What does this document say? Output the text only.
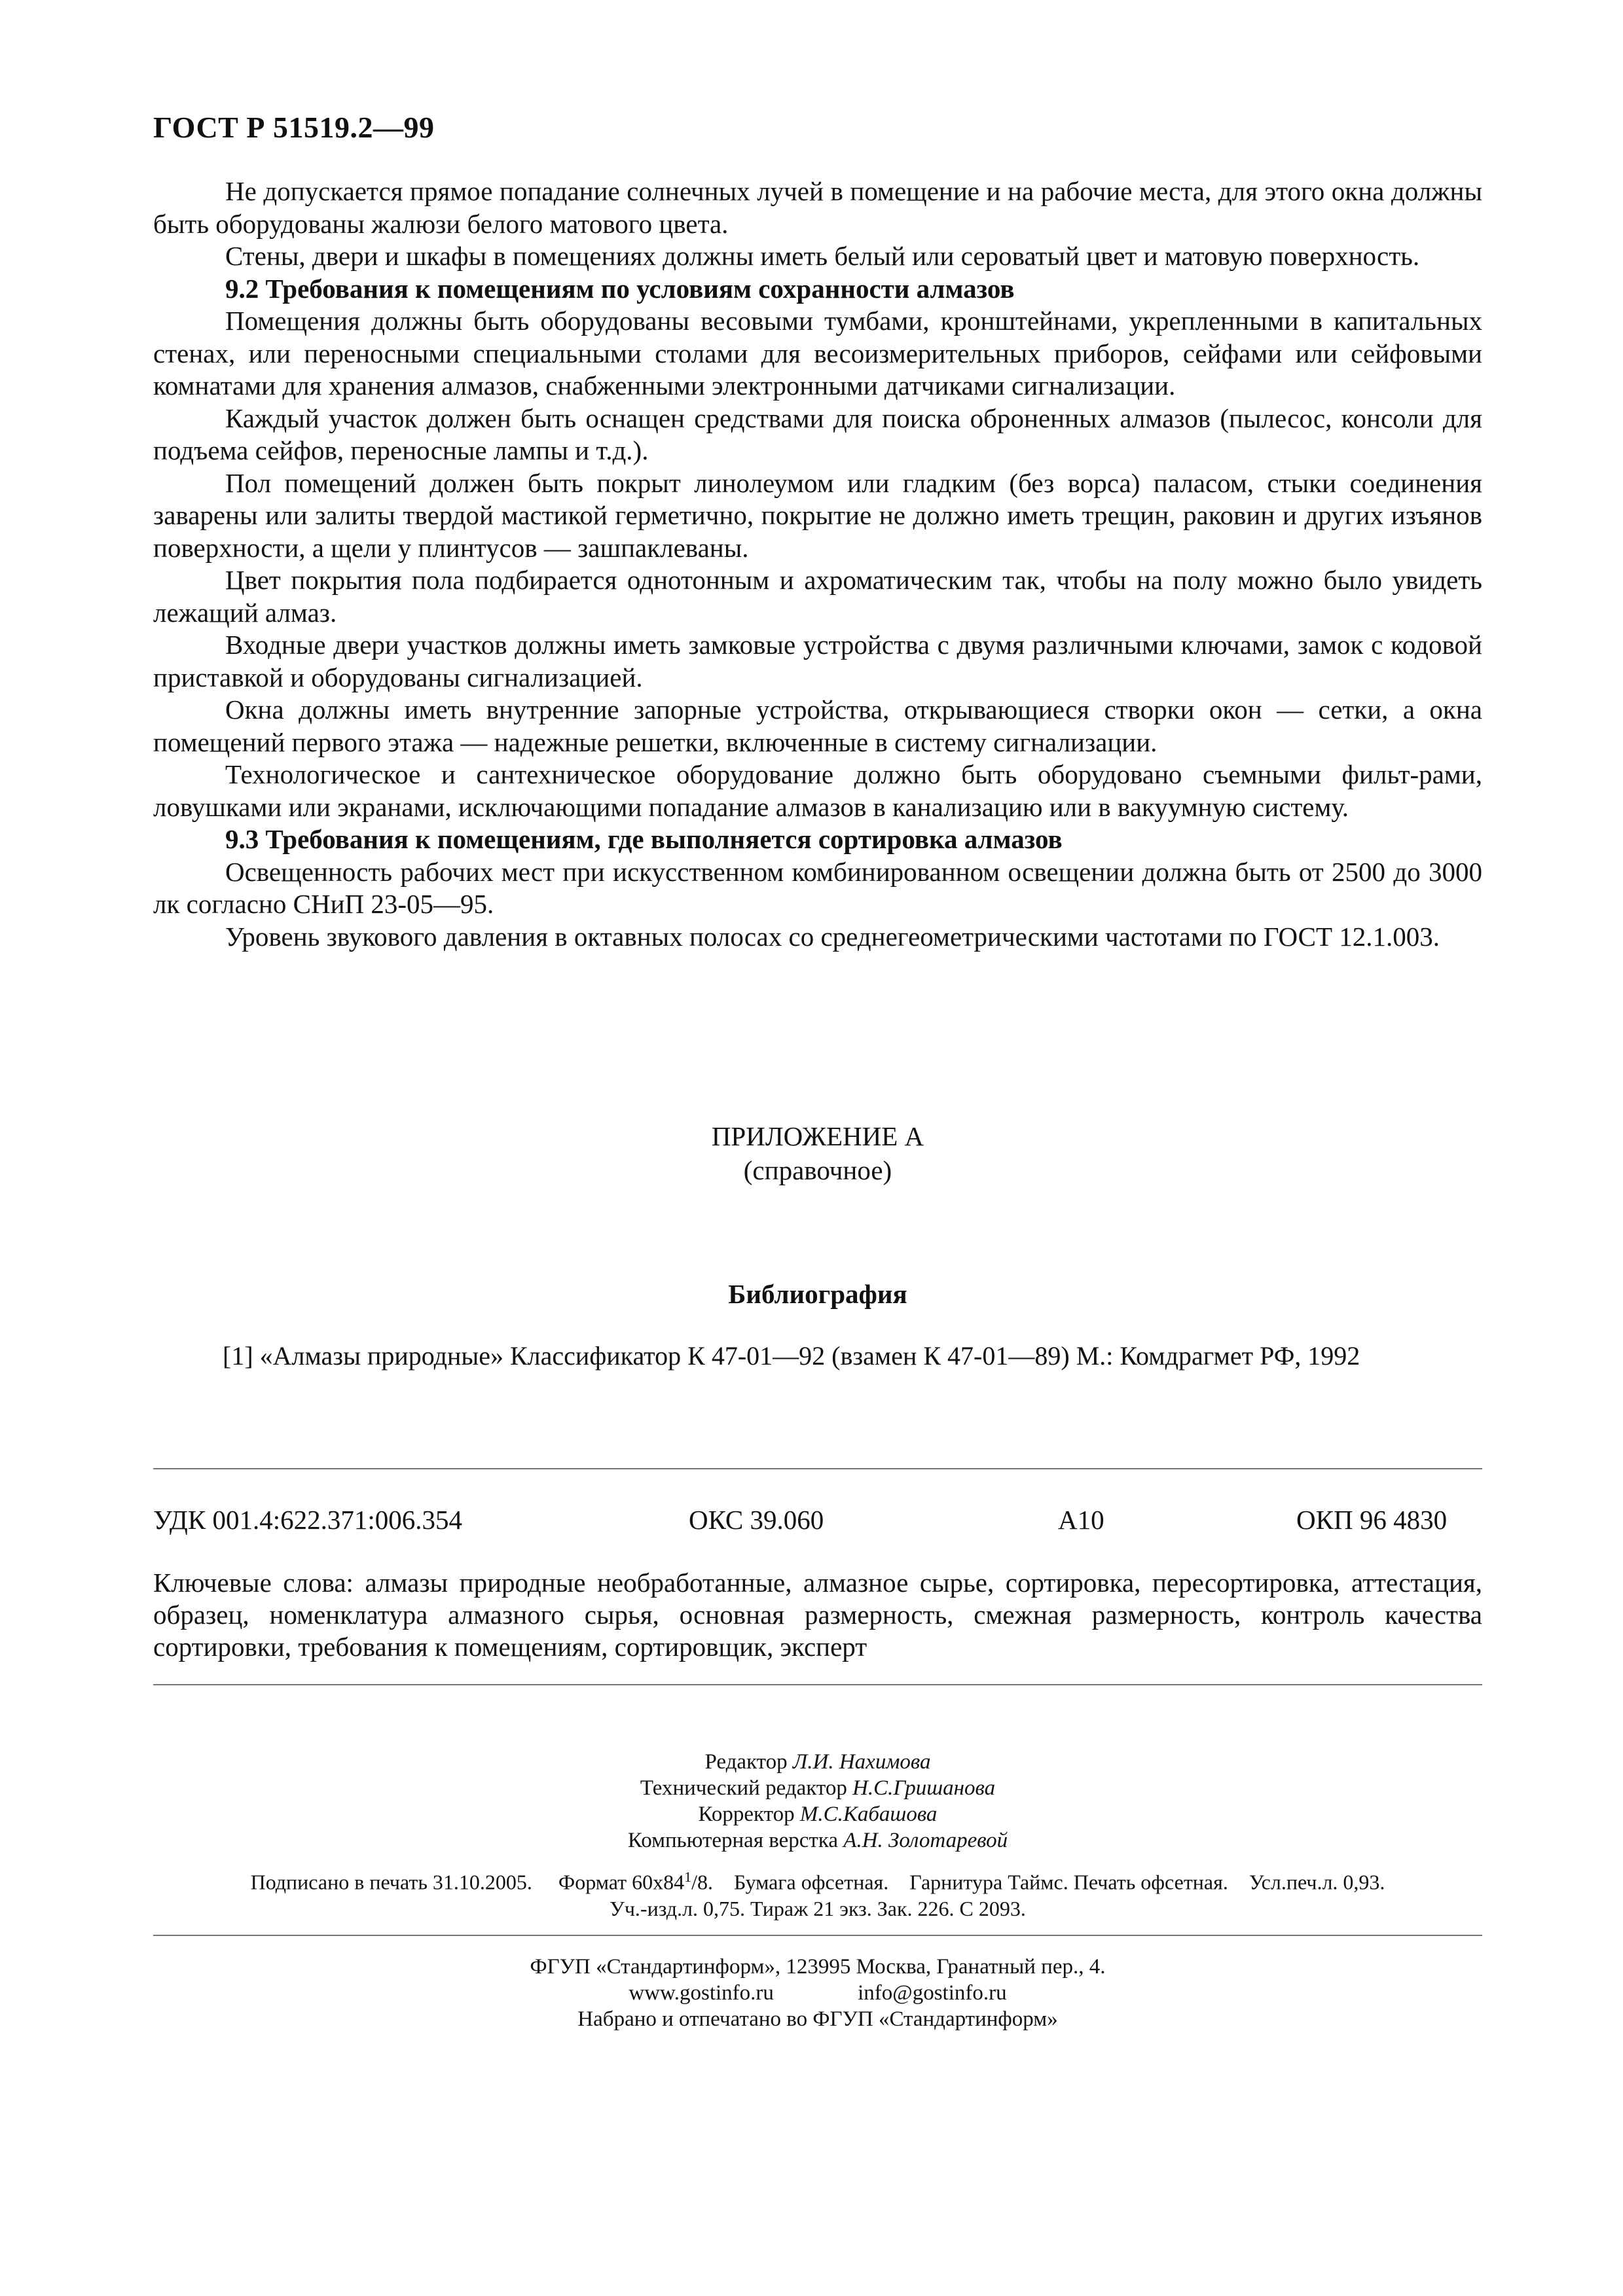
ГОСТ Р 51519.2—99

Не допускается прямое попадание солнечных лучей в помещение и на рабочие места, для этого окна должны быть оборудованы жалюзи белого матового цвета.

Стены, двери и шкафы в помещениях должны иметь белый или сероватый цвет и матовую поверхность.

9.2 Требования к помещениям по условиям сохранности алмазов

Помещения должны быть оборудованы весовыми тумбами, кронштейнами, укрепленными в капитальных стенах, или переносными специальными столами для весоизмерительных приборов, сейфами или сейфовыми комнатами для хранения алмазов, снабженными электронными датчиками сигнализации.

Каждый участок должен быть оснащен средствами для поиска оброненных алмазов (пылесос, консоли для подъема сейфов, переносные лампы и т.д.).

Пол помещений должен быть покрыт линолеумом или гладким (без ворса) паласом, стыки соединения заварены или залиты твердой мастикой герметично, покрытие не должно иметь трещин, раковин и других изъянов поверхности, а щели у плинтусов — зашпаклеваны.

Цвет покрытия пола подбирается однотонным и ахроматическим так, чтобы на полу можно было увидеть лежащий алмаз.

Входные двери участков должны иметь замковые устройства с двумя различными ключами, замок с кодовой приставкой и оборудованы сигнализацией.

Окна должны иметь внутренние запорные устройства, открывающиеся створки окон — сетки, а окна помещений первого этажа — надежные решетки, включенные в систему сигнализации.

Технологическое и сантехническое оборудование должно быть оборудовано съемными фильт-рами, ловушками или экранами, исключающими попадание алмазов в канализацию или в вакуумную систему.

9.3 Требования к помещениям, где выполняется сортировка алмазов

Освещенность рабочих мест при искусственном комбинированном освещении должна быть от 2500 до 3000 лк согласно СНиП 23-05—95.

Уровень звукового давления в октавных полосах со среднегеометрическими частотами по ГОСТ 12.1.003.

ПРИЛОЖЕНИЕ А
(справочное)
Библиография
[1] «Алмазы природные» Классификатор К 47-01—92 (взамен К 47-01—89) М.: Комдрагмет РФ, 1992
УДК 001.4:622.371:006.354	ОКС 39.060	А10	ОКП 96 4830
Ключевые слова: алмазы природные необработанные, алмазное сырье, сортировка, пересортировка, аттестация, образец, номенклатура алмазного сырья, основная размерность, смежная размерность, контроль качества сортировки, требования к помещениям, сортировщик, эксперт
Редактор Л.И. Нахимова
Технический редактор Н.С.Гришанова
Корректор М.С.Кабашова
Компьютерная верстка А.Н. Золотаревой
Подписано в печать 31.10.2005. Формат $60х84^1/8$. Бумага офсетная. Гарнитура Таймс. Печать офсетная. Усл.печ.л. 0,93.
Уч.-изд.л. 0,75. Тираж 21 экз. Зак. 226. С 2093.
ФГУП «Стандартинформ», 123995 Москва, Гранатный пер., 4.
www.gostinfo.ru	info@gostinfo.ru
Набрано и отпечатано во ФГУП «Стандартинформ»
